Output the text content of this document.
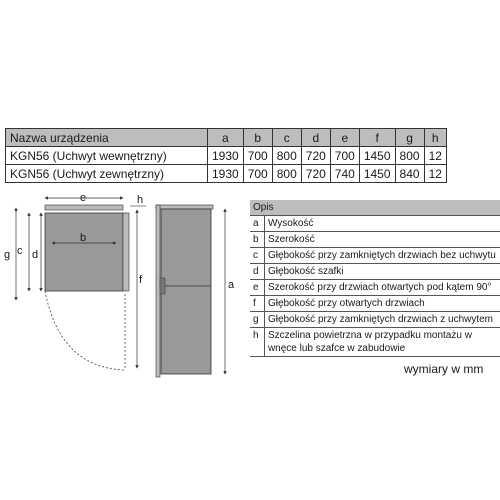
Nazwa urządzenia	a	b	c	d	e	f	g	h
KGN56 (Uchwyt wewnętrzny)	1930	700	800	720	700	1450	800	12
KGN56 (Uchwyt zewnętrzny)	1930	700	800	720	740	1450	840	12
e
b
c d
g
f
h
a
Opis	
a	Wysokość
b	Szerokość
c	Głębokość przy zamkniętych drzwiach bez uchwytu
d	Głębokość szafki
e	Szerokość przy drzwiach otwartych pod kątem 90°
f	Głębokość przy otwartych drzwiach
g	Głębokość przy zamkniętych drzwiach z uchwytem
h	Szczelina powietrzna w przypadku montażu w wnęce lub szafce w zabudowie
wymiary w mm
